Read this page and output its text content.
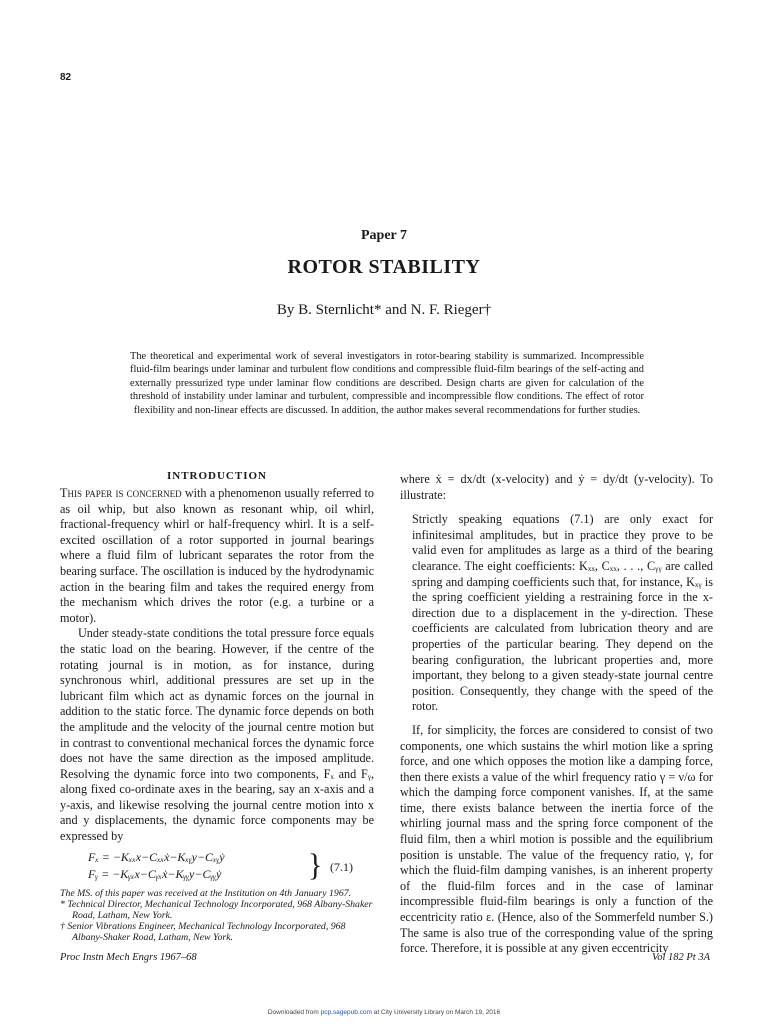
82
Paper 7
ROTOR STABILITY
By B. Sternlicht* and N. F. Rieger†
The theoretical and experimental work of several investigators in rotor-bearing stability is summarized. Incompressible fluid-film bearings under laminar and turbulent flow conditions and compressible fluid-film bearings of the self-acting and externally pressurized type under laminar flow conditions are described. Design charts are given for calculation of the threshold of instability under laminar and turbulent, compressible and incompressible flow conditions. The effect of rotor flexibility and non-linear effects are discussed. In addition, the author makes several recommendations for further studies.
INTRODUCTION

This paper is concerned with a phenomenon usually referred to as oil whip, but also known as resonant whip, oil whirl, fractional-frequency whirl or half-frequency whirl. It is a self-excited oscillation of a rotor supported in journal bearings where a fluid film of lubricant separates the rotor from the bearing surface. The oscillation is induced by the hydrodynamic action in the bearing film and takes the required energy from the mechanism which drives the rotor (e.g. a turbine or a motor).

Under steady-state conditions the total pressure force equals the static load on the bearing. However, if the centre of the rotating journal is in motion, as for instance, during synchronous whirl, additional pressures are set up in the lubricant film which act as dynamic forces on the journal in addition to the static force. The dynamic force depends on both the amplitude and the velocity of the journal centre motion but in contrast to conventional mechanical forces the dynamic force does not have the same direction as the imposed amplitude. Resolving the dynamic force into two components, Fₓ and Fᵧ, along fixed co-ordinate axes in the bearing, say an x-axis and a y-axis, and likewise resolving the journal centre motion into x and y displacements, the dynamic force components may be expressed by

Fₓ = −Kₓₓx−Cₓₓẋ−Kₓᵧy−Cₓᵧẏ
Fᵧ = −Kᵧₓx−Cᵧₓẋ−Kᵧᵧy−Cᵧᵧẏ	} (7.1)

The MS. of this paper was received at the Institution on 4th January 1967.

* Technical Director, Mechanical Technology Incorporated, 968 Albany-Shaker Road, Latham, New York.

† Senior Vibrations Engineer, Mechanical Technology Incorporated, 968 Albany-Shaker Road, Latham, New York.

where ẋ = dx/dt (x-velocity) and ẏ = dy/dt (y-velocity). To illustrate:

Strictly speaking equations (7.1) are only exact for infinitesimal amplitudes, but in practice they prove to be valid even for amplitudes as large as a third of the bearing clearance. The eight coefficients: Kₓₓ, Cₓₓ, . . ., Cᵧᵧ are called spring and damping coefficients such that, for instance, Kₓᵧ is the spring coefficient yielding a restraining force in the x-direction due to a displacement in the y-direction. These coefficients are calculated from lubrication theory and are properties of the particular bearing. They depend on the bearing configuration, the lubricant properties and, more important, they belong to a given steady-state journal centre position. Consequently, they change with the speed of the rotor.

If, for simplicity, the forces are considered to consist of two components, one which sustains the whirl motion like a spring force, and one which opposes the motion like a damping force, then there exists a value of the whirl frequency ratio γ = ν/ω for which the damping force component vanishes. If, at the same time, there exists balance between the inertia force of the whirling journal mass and the spring force component of the fluid film, then a whirl motion is possible and the equilibrium position is unstable. The value of the frequency ratio, γ, for which the fluid-film damping vanishes, is an inherent property of the fluid-film forces and in the case of laminar incompressible fluid-film bearings is only a function of the eccentricity ratio ε. (Hence, also of the Sommerfeld number S.) The same is also true of the corresponding value of the spring force. Therefore, it is possible at any given eccentricity

Proc Instn Mech Engrs 1967–68	Vol 182 Pt 3A
Downloaded from pcp.sagepub.com at City University Library on March 19, 2016
